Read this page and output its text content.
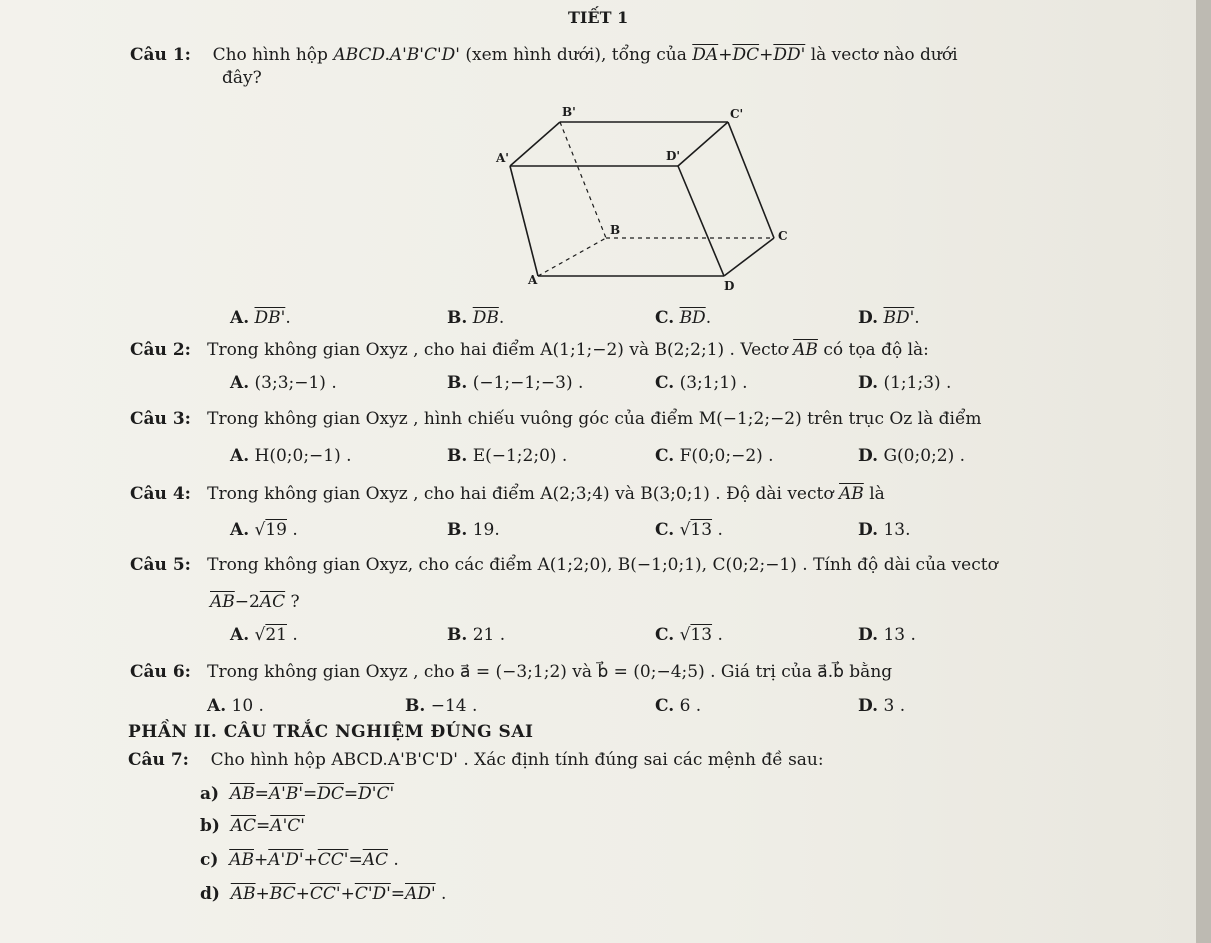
TIẾT 1
Câu 1: Cho hình hộp ABCD.A'B'C'D' (xem hình dưới), tổng của $\overline{DA}+\overline{DC}+DD'$ là vectơ nào dưới
đây?
B'	C'
A'	D'
B	C
A	D
A. DB'.	B. $\overline{DB}$.	C. $\overline{BD}$.	D. BD'.
Câu 2: Trong không gian Oxyz , cho hai điểm A(1;1;−2) và B(2;2;1) . Vectơ $\overline{AB}$ có tọa độ là:
A. (3;3;−1) .	B. (−1;−1;−3) .	C. (3;1;1) .	D. (1;1;3) .
Câu 3: Trong không gian Oxyz , hình chiếu vuông góc của điểm M(−1;2;−2) trên trục Oz là điểm
A. H(0;0;−1) .	B. E(−1;2;0) .	C. F(0;0;−2) .	D. G(0;0;2) .
Câu 4: Trong không gian Oxyz , cho hai điểm A(2;3;4) và B(3;0;1) . Độ dài vectơ $\overline{AB}$ là
A. √19 .	B. 19.	C. √13 .	D. 13.
Câu 5: Trong không gian Oxyz, cho các điểm A(1;2;0), B(−1;0;1), C(0;2;−1) . Tính độ dài của vectơ
$\overline{AB}-2\overline{AC}$ ?
A. √21 .	B. 21 .	C. √13 .	D. 13 .
Câu 6: Trong không gian Oxyz , cho a⃗ = (−3;1;2) và b⃗ = (0;−4;5) . Giá trị của a⃗.b⃗ bằng
A. 10 .	B. −14 .	C. 6 .	D. 3 .
PHẦN II. CÂU TRẮC NGHIỆM ĐÚNG SAI
Câu 7: Cho hình hộp ABCD.A'B'C'D' . Xác định tính đúng sai các mệnh đề sau:
a) $\overline{AB}=A'B'=\overline{DC}=D'C'$
b) $\overline{AC}=A'C'$
c) $\overline{AB}+A'D'+CC'=\overline{AC}$ .
d) $\overline{AB}+\overline{BC}+CC'+C'D'=AD'$ .
